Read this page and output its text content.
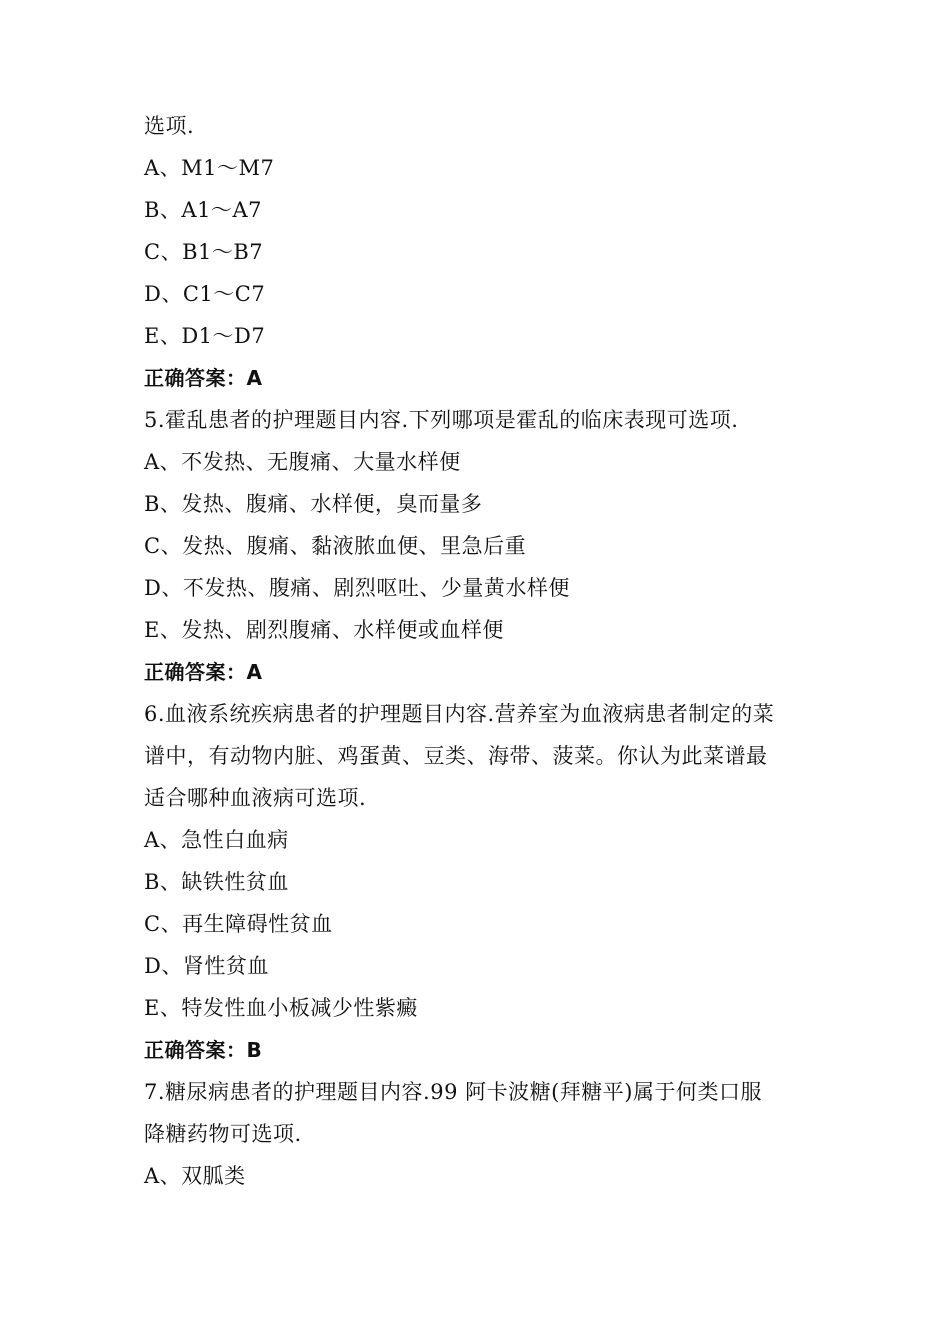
选项.
A、M1～M7
B、A1～A7
C、B1～B7
D、C1～C7
E、D1～D7
正确答案：A
5.霍乱患者的护理题目内容.下列哪项是霍乱的临床表现可选项.
A、不发热、无腹痛、大量水样便
B、发热、腹痛、水样便，臭而量多
C、发热、腹痛、黏液脓血便、里急后重
D、不发热、腹痛、剧烈呕吐、少量黄水样便
E、发热、剧烈腹痛、水样便或血样便
正确答案：A
6.血液系统疾病患者的护理题目内容.营养室为血液病患者制定的菜
谱中，有动物内脏、鸡蛋黄、豆类、海带、菠菜。你认为此菜谱最
适合哪种血液病可选项.
A、急性白血病
B、缺铁性贫血
C、再生障碍性贫血
D、肾性贫血
E、特发性血小板减少性紫癜
正确答案：B
7.糖尿病患者的护理题目内容.99 阿卡波糖(拜糖平)属于何类口服
降糖药物可选项.
A、双胍类
